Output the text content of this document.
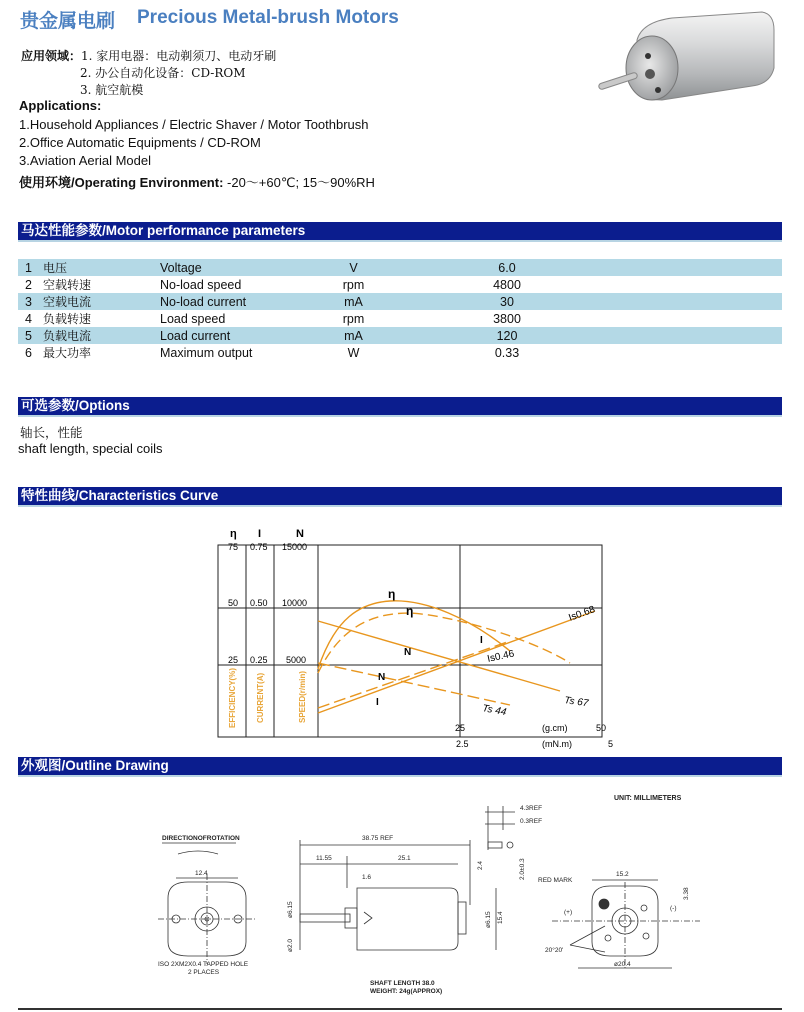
贵金属电刷 Precious Metal-brush Motors
应用领域：1. 家用电器：电动剃须刀、电动牙刷
2. 办公自动化设备：CD-ROM
3. 航空航模
Applications:
1.Household Appliances / Electric Shaver / Motor Toothbrush
2.Office Automatic Equipments / CD-ROM
3.Aviation Aerial Model
使用环境/Operating Environment: -20～+60℃; 15～90%RH
马达性能参数/Motor performance parameters
1	电压	Voltage	V	6.0
2	空载转速	No-load speed	rpm	4800
3	空载电流	No-load current	mA	30
4	负载转速	Load speed	rpm	3800
5	负载电流	Load current	mA	120
6	最大功率	Maximum output	W	0.33
可选参数/Options
轴长，性能
shaft length, special coils
特性曲线/Characteristics Curve
η I	N
75
50
25
0.75
0.50
0.25
15000
10000
5000
EFFICIENCY(%) CURRENT(A)	SPEED(r/min)
25	50
(g.cm)
2.5	5
(mN.m)
η
η
N
N
I
I
Is0.68
Is0.46
Ts 44
Ts 67
外观图/Outline Drawing
UNIT: MILLIMETERS
DIRECTIONOFROTATION
12.4
ISO 2XM2X0.4 TAPPED HOLE
2 PLACES
38.75 REF
11.55	25.1
1.6
ø6.15
ø2.0
ø6.15 15.4
4.3REF
0.3REF
2.4	2.0±0.3
RED MARK
15.2
(+)
(-)
3.38
20°20'
ø20.4
SHAFT LENGTH 38.0
WEIGHT: 24g(APPROX)
